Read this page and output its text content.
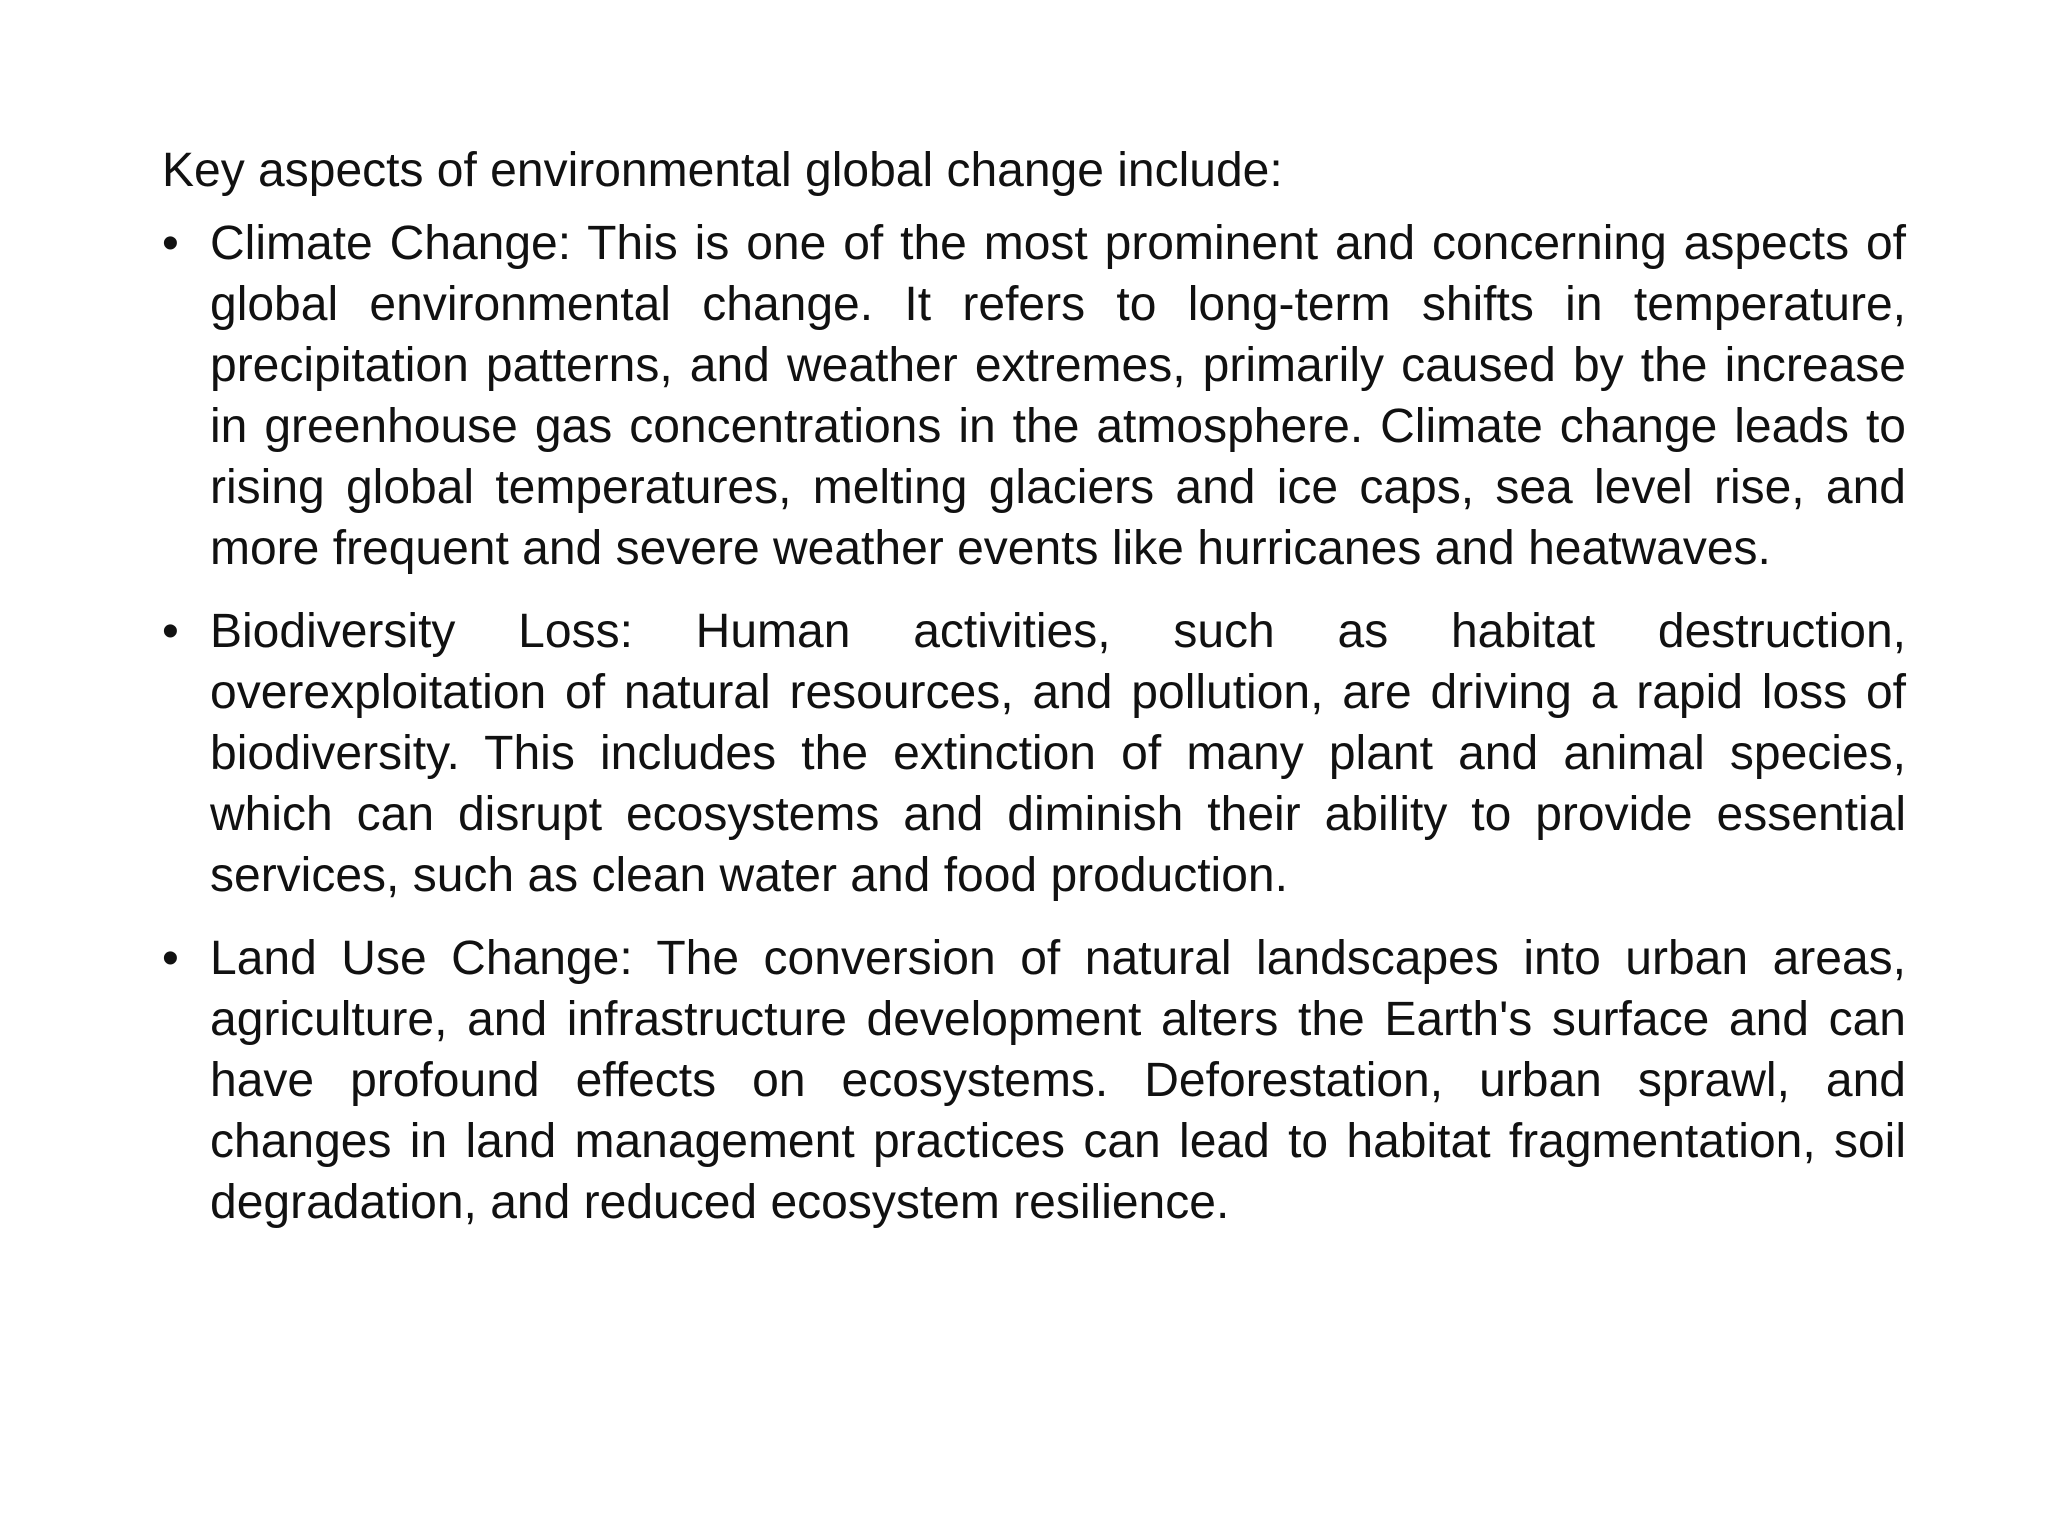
Key aspects of environmental global change include:

• Climate Change: This is one of the most prominent and concerning aspects of global environmental change. It refers to long-term shifts in temperature, precipitation patterns, and weather extremes, primarily caused by the increase in greenhouse gas concentrations in the atmosphere. Climate change leads to rising global temperatures, melting glaciers and ice caps, sea level rise, and more frequent and severe weather events like hurricanes and heatwaves.
• Biodiversity Loss: Human activities, such as habitat destruction, overexploitation of natural resources, and pollution, are driving a rapid loss of biodiversity. This includes the extinction of many plant and animal species, which can disrupt ecosystems and diminish their ability to provide essential services, such as clean water and food production.
• Land Use Change: The conversion of natural landscapes into urban areas, agriculture, and infrastructure development alters the Earth's surface and can have profound effects on ecosystems. Deforestation, urban sprawl, and changes in land management practices can lead to habitat fragmentation, soil degradation, and reduced ecosystem resilience.
